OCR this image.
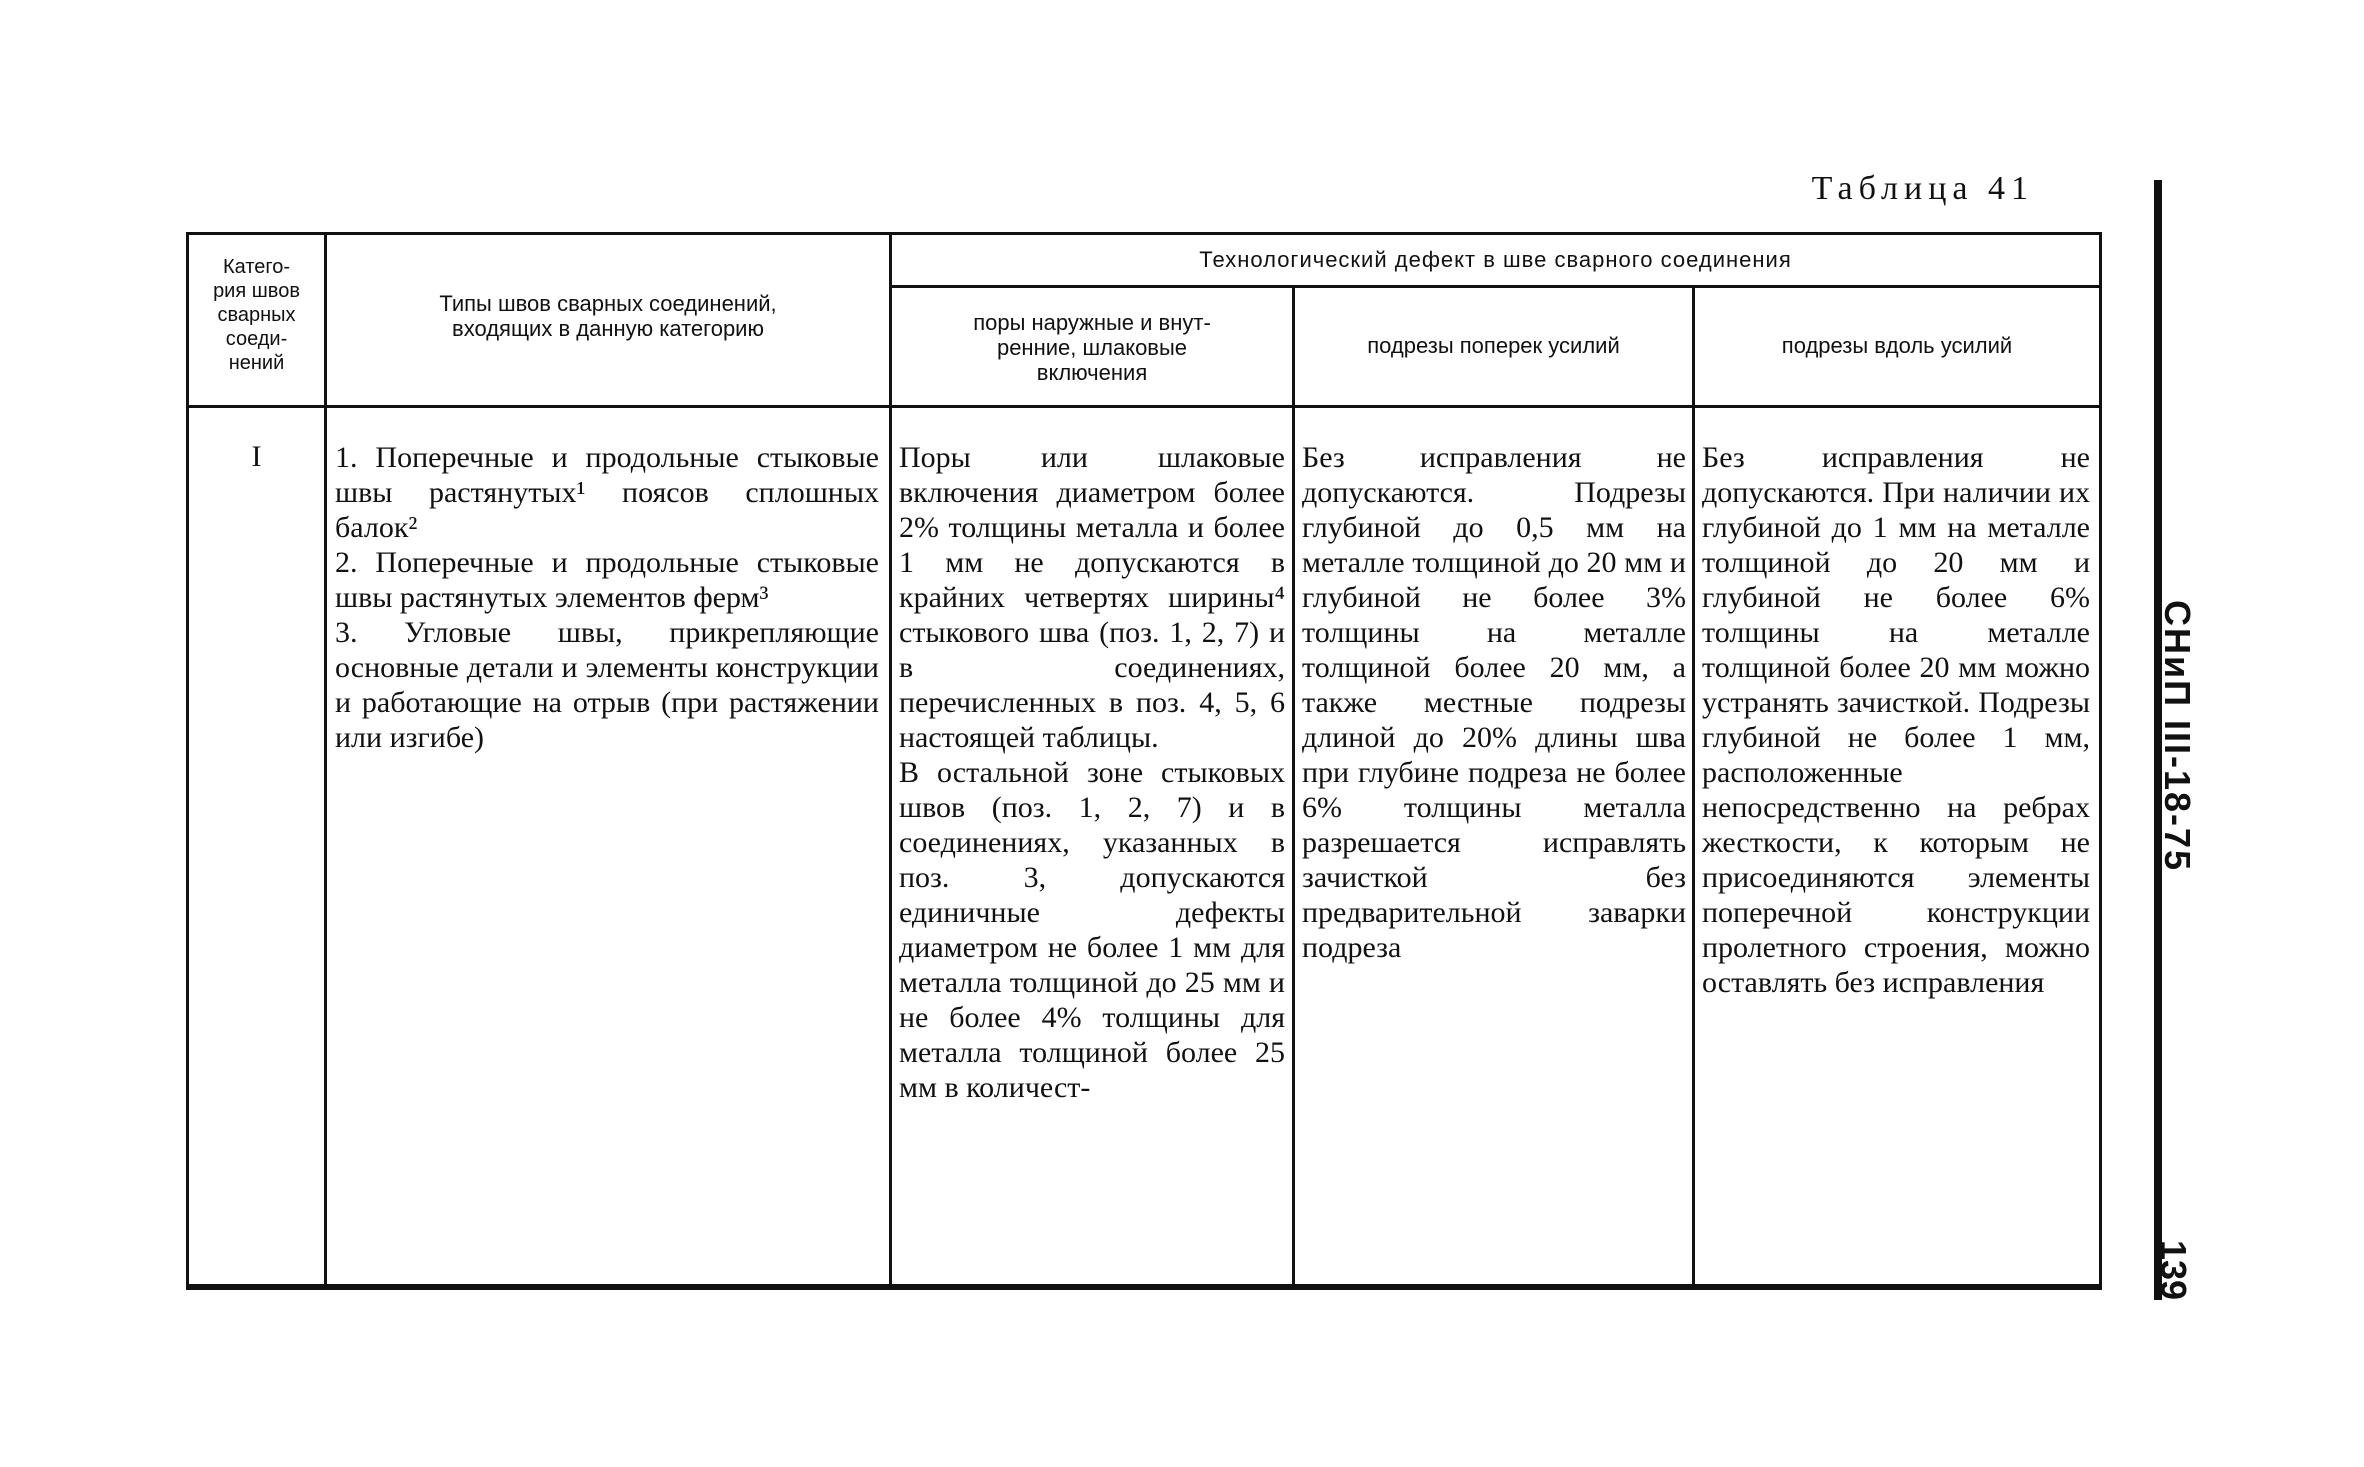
Таблица 41
Катего-
рия швов
сварных
соеди-
нений
Типы швов сварных соединений,
входящих в данную категорию
Технологический дефект в шве сварного соединения
поры наружные и внут-
ренние, шлаковые
включения
подрезы поперек усилий	подрезы вдоль усилий
I	1. Поперечные и продольные стыковые швы растянутых¹ поясов сплошных балок²
2. Поперечные и продольные стыковые швы растянутых элементов ферм³
3. Угловые швы, прикрепляющие основные детали и элементы конструкции и работающие на отрыв (при растяжении или изгибе)
Поры или шлаковые включения диаметром более 2% толщины металла и более 1 мм не допускаются в крайних четвертях ширины⁴ стыкового шва (поз. 1, 2, 7) и в соединениях, перечисленных в поз. 4, 5, 6 настоящей таблицы.
В остальной зоне стыковых швов (поз. 1, 2, 7) и в соединениях, указанных в поз. 3, допускаются единичные дефекты диаметром не более 1 мм для металла толщиной до 25 мм и не более 4% толщины для металла толщиной более 25 мм в количест-
Без исправления не допускаются. Подрезы глубиной до 0,5 мм на металле толщиной до 20 мм и глубиной не более 3% толщины на металле толщиной более 20 мм, а также местные подрезы длиной до 20% длины шва при глубине подреза не более 6% толщины металла разрешается исправлять зачисткой без предварительной заварки подреза
Без исправления не допускаются. При наличии их глубиной до 1 мм на металле толщиной до 20 мм и глубиной не более 6% толщины на металле толщиной более 20 мм можно устранять зачисткой. Подрезы глубиной не более 1 мм, расположенные непосредственно на ребрах жесткости, к которым не присоединяются элементы поперечной конструкции пролетного строения, можно оставлять без исправления
СНиП III-18-75
139
